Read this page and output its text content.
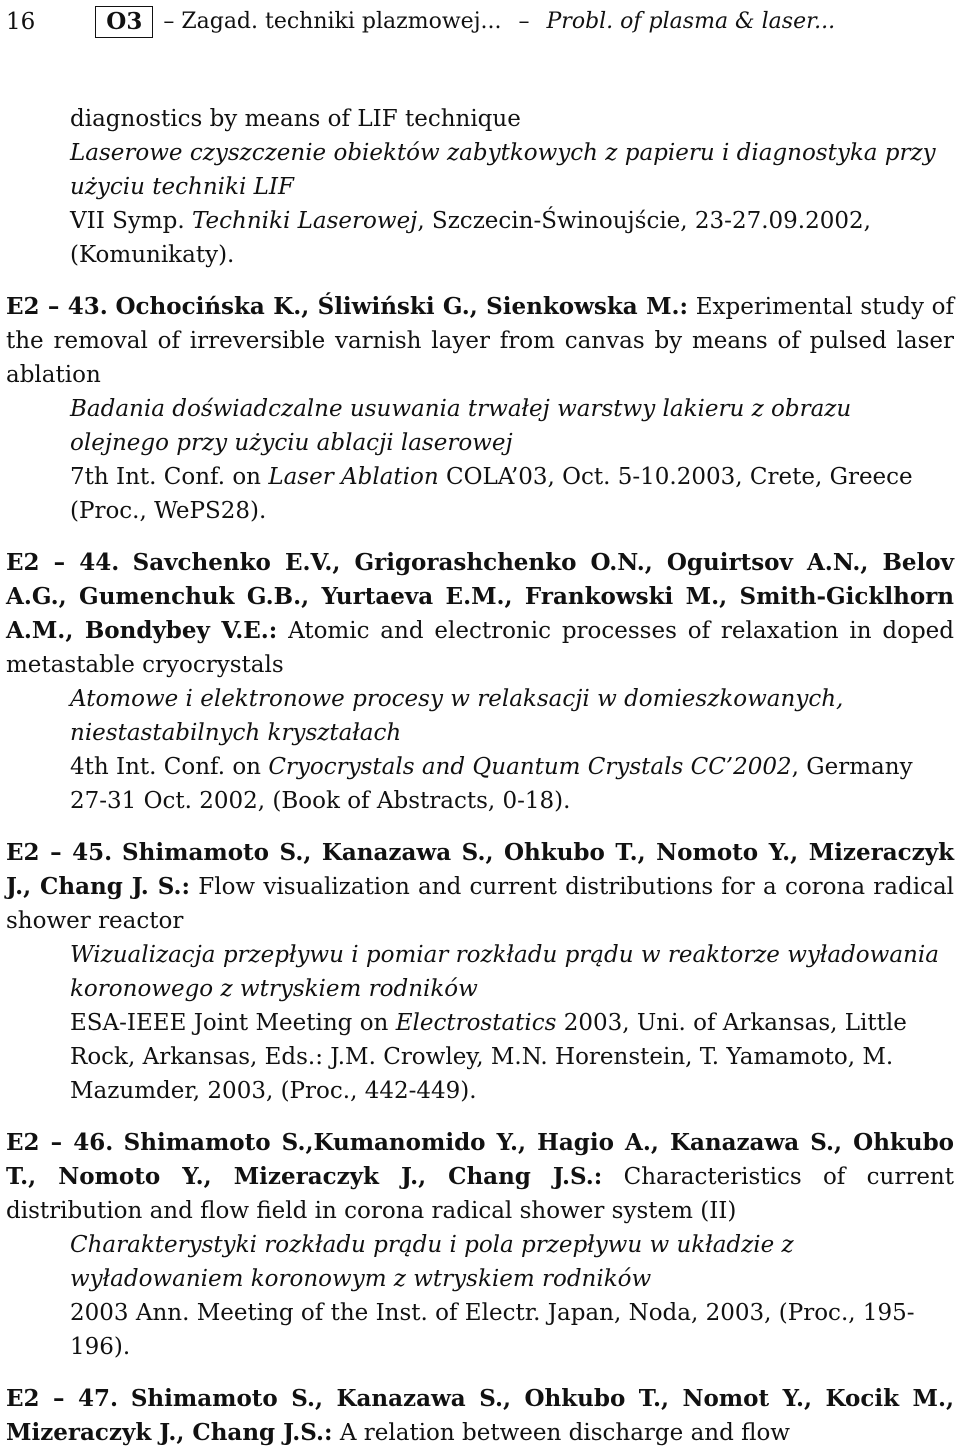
16	O3 – Zagad. techniki plazmowej... – Probl. of plasma & laser...
diagnostics by means of LIF technique
Laserowe czyszczenie obiektów zabytkowych z papieru i diagnostyka przy użyciu techniki LIF
VII Symp. Techniki Laserowej, Szczecin-Świnoujście, 23-27.09.2002, (Komunikaty).
E2 – 43. Ochocińska K., Śliwiński G., Sienkowska M.: Experimental study of the removal of irreversible varnish layer from canvas by means of pulsed laser ablation
Badania doświadczalne usuwania trwałej warstwy lakieru z obrazu olejnego przy użyciu ablacji laserowej
7th Int. Conf. on Laser Ablation COLA’03, Oct. 5-10.2003, Crete, Greece (Proc., WePS28).
E2 – 44. Savchenko E.V., Grigorashchenko O.N., Oguirtsov A.N., Belov A.G., Gumenchuk G.B., Yurtaeva E.M., Frankowski M., Smith-Gicklhorn A.M., Bondybey V.E.: Atomic and electronic processes of relaxation in doped metastable cryocrystals
Atomowe i elektronowe procesy w relaksacji w domieszkowanych, niestastabilnych kryształach
4th Int. Conf. on Cryocrystals and Quantum Crystals CC’2002, Germany 27-31 Oct. 2002, (Book of Abstracts, 0-18).
E2 – 45. Shimamoto S., Kanazawa S., Ohkubo T., Nomoto Y., Mizeraczyk J., Chang J. S.: Flow visualization and current distributions for a corona radical shower reactor
Wizualizacja przepływu i pomiar rozkładu prądu w reaktorze wyładowania koronowego z wtryskiem rodników
ESA-IEEE Joint Meeting on Electrostatics 2003, Uni. of Arkansas, Little Rock, Arkansas, Eds.: J.M. Crowley, M.N. Horenstein, T. Yamamoto, M. Mazumder, 2003, (Proc., 442-449).
E2 – 46. Shimamoto S.,Kumanomido Y., Hagio A., Kanazawa S., Ohkubo T., Nomoto Y., Mizeraczyk J., Chang J.S.: Characteristics of current distribution and flow field in corona radical shower system (II)
Charakterystyki rozkładu prądu i pola przepływu w układzie z wyładowaniem koronowym z wtryskiem rodników
2003 Ann. Meeting of the Inst. of Electr. Japan, Noda, 2003, (Proc., 195-196).
E2 – 47. Shimamoto S., Kanazawa S., Ohkubo T., Nomot Y., Kocik M., Mizeraczyk J., Chang J.S.: A relation between discharge and flow
